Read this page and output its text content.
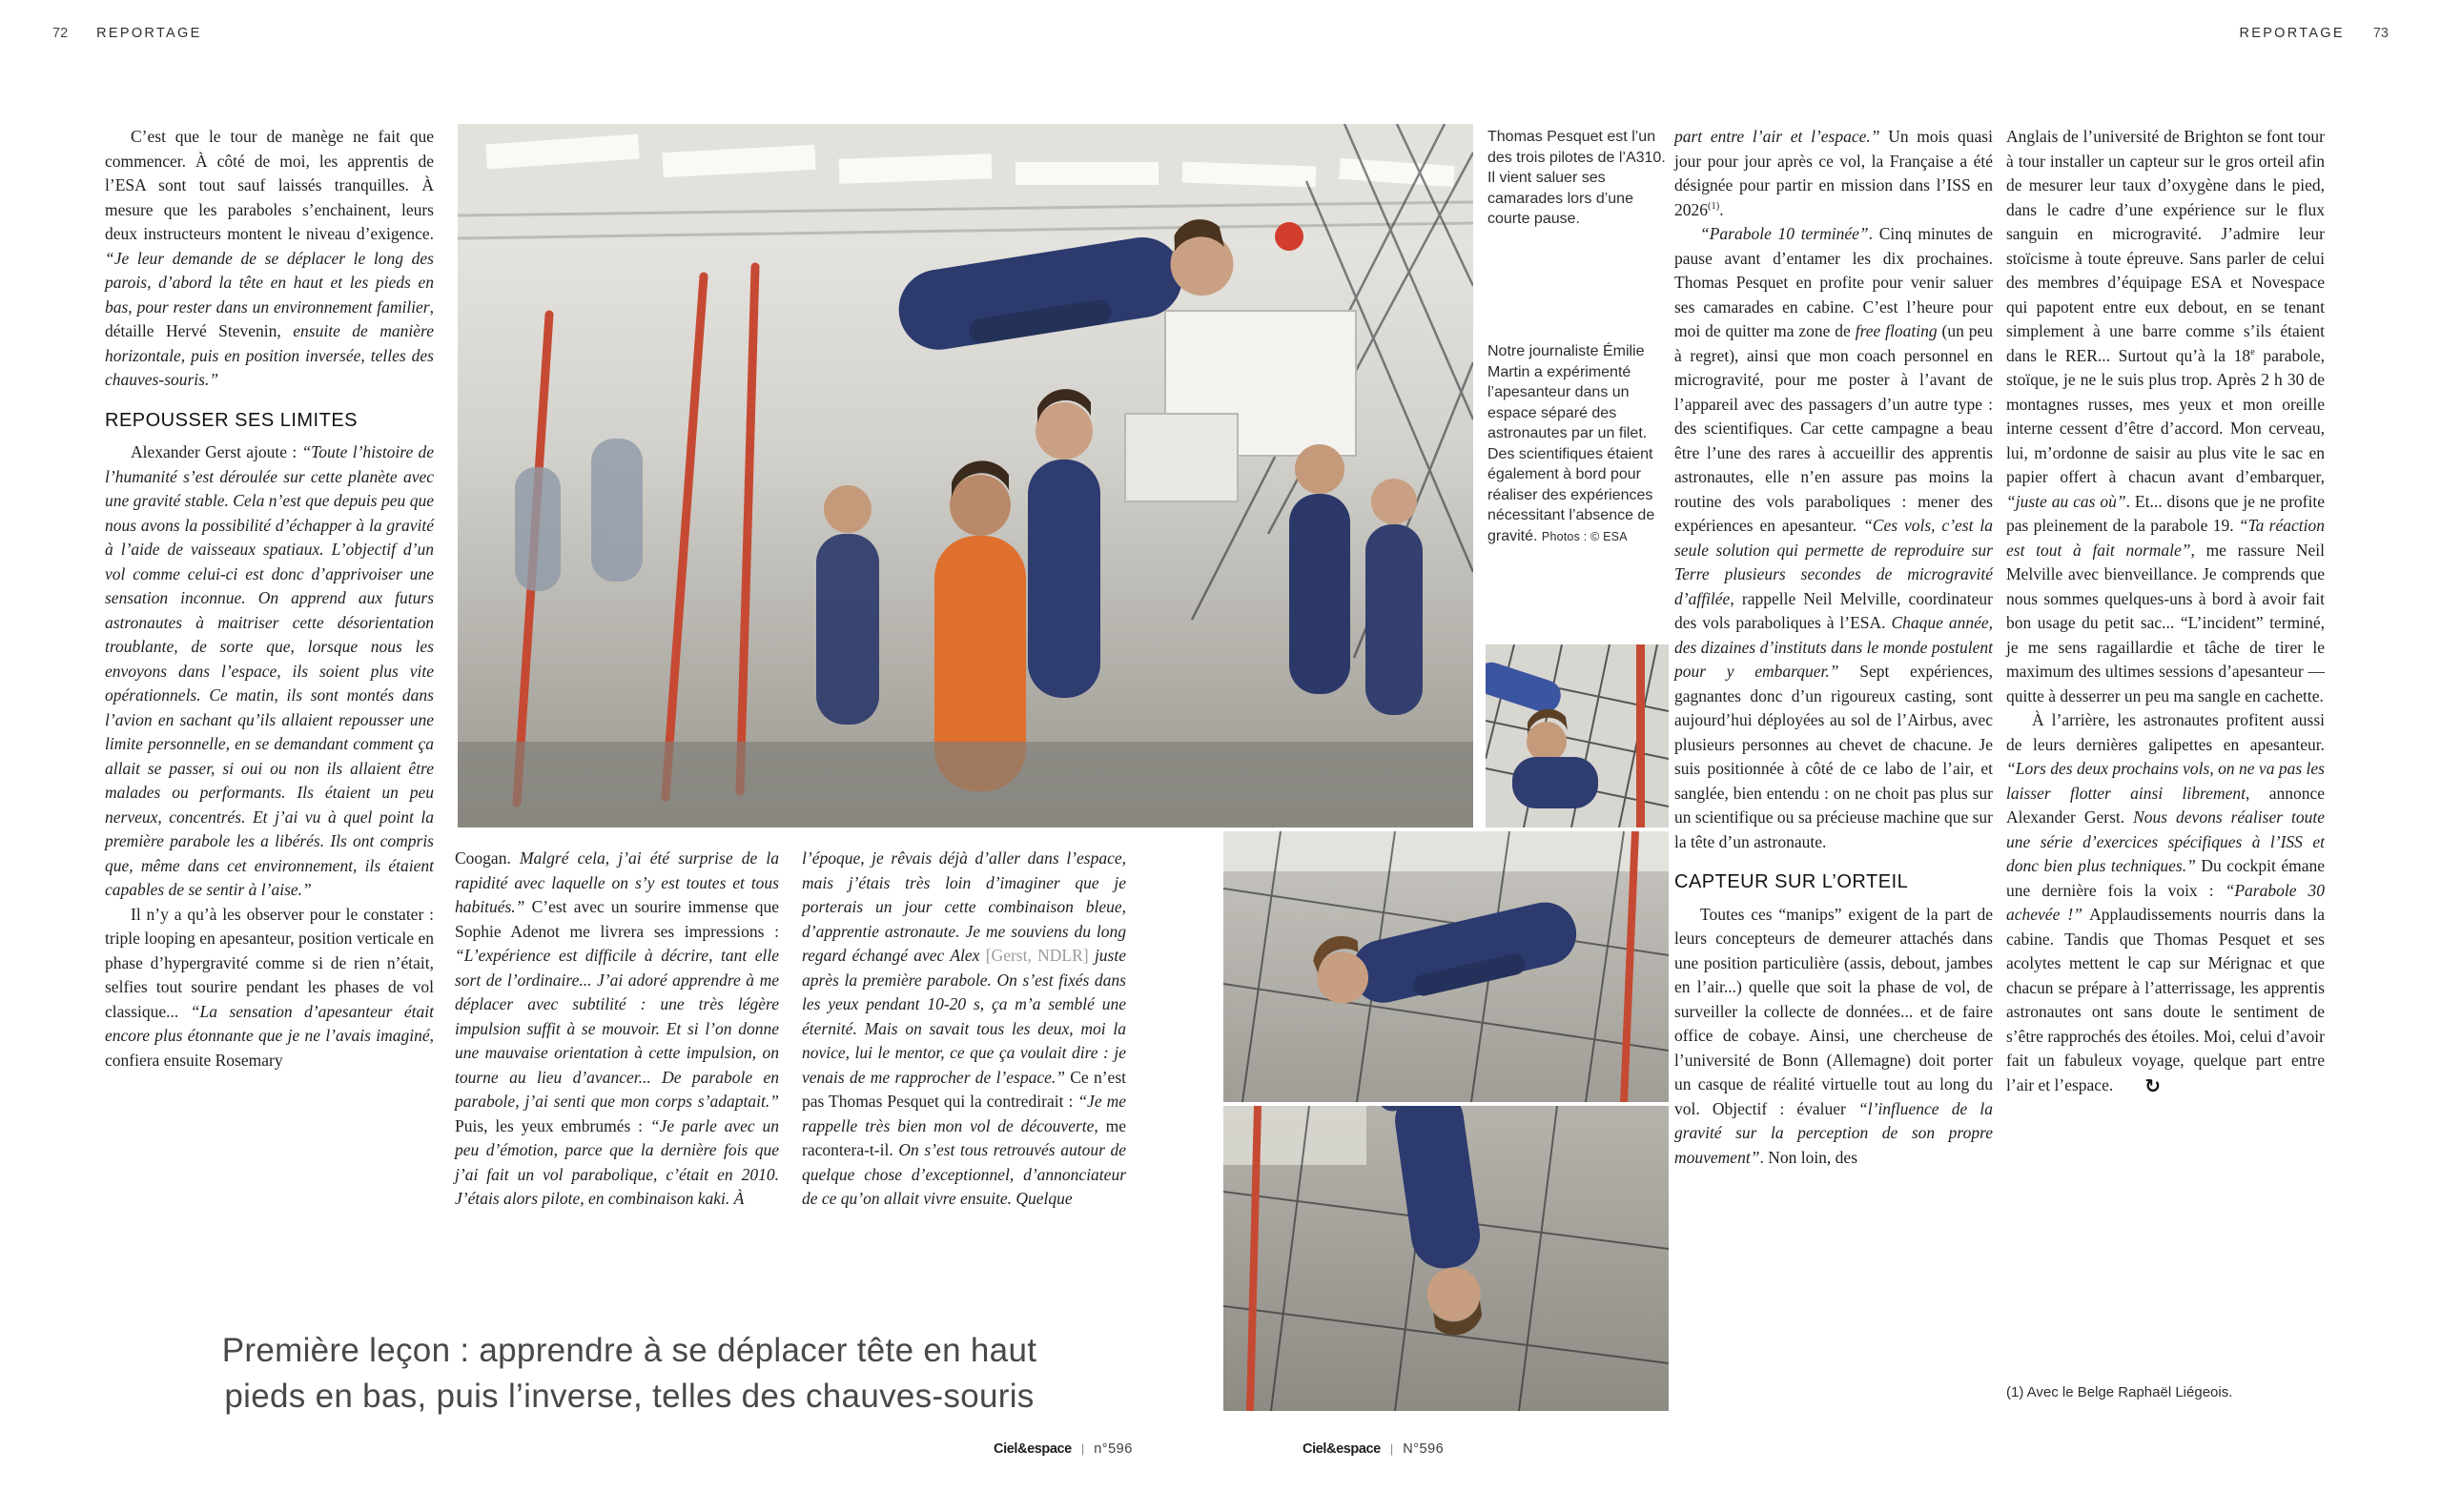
72 REPORTAGE	REPORTAGE 73

C’est que le tour de manège ne fait que commencer. À côté de moi, les apprentis de l’ESA sont tout sauf laissés tranquilles. À mesure que les paraboles s’enchainent, leurs deux instructeurs montent le niveau d’exigence. “Je leur demande de se déplacer le long des parois, d’abord la tête en haut et les pieds en bas, pour rester dans un environnement familier, détaille Hervé Stevenin, ensuite de manière horizontale, puis en position inversée, telles des chauves-souris.”

REPOUSSER SES LIMITES

Alexander Gerst ajoute : “Toute l’histoire de l’humanité s’est déroulée sur cette planète avec une gravité stable. Cela n’est que depuis peu que nous avons la possibilité d’échapper à la gravité à l’aide de vaisseaux spatiaux. L’objectif d’un vol comme celui-ci est donc d’apprivoiser une sensation inconnue. On apprend aux futurs astronautes à maitriser cette désorientation troublante, de sorte que, lorsque nous les envoyons dans l’espace, ils soient plus vite opérationnels. Ce matin, ils sont montés dans l’avion en sachant qu’ils allaient repousser une limite personnelle, en se demandant comment ça allait se passer, si oui ou non ils allaient être malades ou performants. Ils étaient un peu nerveux, concentrés. Et j’ai vu à quel point la première parabole les a libérés. Ils ont compris que, même dans cet environnement, ils étaient capables de se sentir à l’aise.”

Il n’y a qu’à les observer pour le constater : triple looping en apesanteur, position verticale en phase d’hypergravité comme si de rien n’était, selfies tout sourire pendant les phases de vol classique... “La sensation d’apesanteur était encore plus étonnante que je ne l’avais imaginé, confiera ensuite Rosemary

Thomas Pesquet est l’un des trois pilotes de l’A310. Il vient saluer ses camarades lors d’une courte pause.
Notre journaliste Émilie Martin a expérimenté l’apesanteur dans un espace séparé des astronautes par un filet. Des scientifiques étaient également à bord pour réaliser des expériences nécessitant l’absence de gravité. Photos : © ESA

Coogan. Malgré cela, j’ai été surprise de la rapidité avec laquelle on s’y est toutes et tous habitués.” C’est avec un sourire immense que Sophie Adenot me livrera ses impressions : “L’expérience est difficile à décrire, tant elle sort de l’ordinaire... J’ai adoré apprendre à me déplacer avec subtilité : une très légère impulsion suffit à se mouvoir. Et si l’on donne une mauvaise orientation à cette impulsion, on tourne au lieu d’avancer... De parabole en parabole, j’ai senti que mon corps s’adaptait.” Puis, les yeux embrumés : “Je parle avec un peu d’émotion, parce que la dernière fois que j’ai fait un vol parabolique, c’était en 2010. J’étais alors pilote, en combinaison kaki. À

l’époque, je rêvais déjà d’aller dans l’espace, mais j’étais très loin d’imaginer que je porterais un jour cette combinaison bleue, d’apprentie astronaute. Je me souviens du long regard échangé avec Alex [Gerst, NDLR] juste après la première parabole. On s’est fixés dans les yeux pendant 10-20 s, ça m’a semblé une éternité. Mais on savait tous les deux, moi la novice, lui le mentor, ce que ça voulait dire : je venais de me rapprocher de l’espace.” Ce n’est pas Thomas Pesquet qui la contredirait : “Je me rappelle très bien mon vol de découverte, me racontera-t-il. On s’est tous retrouvés autour de quelque chose d’exceptionnel, d’annonciateur de ce qu’on allait vivre ensuite. Quelque

Première leçon : apprendre à se déplacer tête en haut
pieds en bas, puis l’inverse, telles des chauves-souris

part entre l’air et l’espace.” Un mois quasi jour pour jour après ce vol, la Française a été désignée pour partir en mission dans l’ISS en 2026$^{(1)}$.

“Parabole 10 terminée”. Cinq minutes de pause avant d’entamer les dix prochaines. Thomas Pesquet en profite pour venir saluer ses camarades en cabine. C’est l’heure pour moi de quitter ma zone de free floating (un peu à regret), ainsi que mon coach personnel en microgravité, pour me poster à l’avant de l’appareil avec des passagers d’un autre type : des scientifiques. Car cette campagne a beau être l’une des rares à accueillir des apprentis astronautes, elle n’en assure pas moins la routine des vols paraboliques : mener des expériences en apesanteur. “Ces vols, c’est la seule solution qui permette de reproduire sur Terre plusieurs secondes de microgravité d’affilée, rappelle Neil Melville, coordinateur des vols paraboliques à l’ESA. Chaque année, des dizaines d’instituts dans le monde postulent pour y embarquer.” Sept expériences, gagnantes donc d’un rigoureux casting, sont aujourd’hui déployées au sol de l’Airbus, avec plusieurs personnes au chevet de chacune. Je suis positionnée à côté de ce labo de l’air, et sanglée, bien entendu : on ne choit pas plus sur un scientifique ou sa précieuse machine que sur la tête d’un astronaute.

CAPTEUR SUR L’ORTEIL

Toutes ces “manips” exigent de la part de leurs concepteurs de demeurer attachés dans une position particulière (assis, debout, jambes en l’air...) quelle que soit la phase de vol, de surveiller la collecte de données... et de faire office de cobaye. Ainsi, une chercheuse de l’université de Bonn (Allemagne) doit porter un casque de réalité virtuelle tout au long du vol. Objectif : évaluer “l’influence de la gravité sur la perception de son propre mouvement”. Non loin, des

Anglais de l’université de Brighton se font tour à tour installer un capteur sur le gros orteil afin de mesurer leur taux d’oxygène dans le pied, dans le cadre d’une expérience sur le flux sanguin en microgravité. J’admire leur stoïcisme à toute épreuve. Sans parler de celui des membres d’équipage ESA et Novespace qui papotent entre eux debout, en se tenant simplement à une barre comme s’ils étaient dans le RER... Surtout qu’à la 18e parabole, stoïque, je ne le suis plus trop. Après 2 h 30 de montagnes russes, mes yeux et mon oreille interne cessent d’être d’accord. Mon cerveau, lui, m’ordonne de saisir au plus vite le sac en papier offert à chacun avant d’embarquer, “juste au cas où”. Et... disons que je ne profite pas pleinement de la parabole 19. “Ta réaction est tout à fait normale”, me rassure Neil Melville avec bienveillance. Je comprends que nous sommes quelques-uns à bord à avoir fait bon usage du petit sac... “L’incident” terminé, je me sens ragaillardie et tâche de tirer le maximum des ultimes sessions d’apesanteur — quitte à desserrer un peu ma sangle en cachette.

À l’arrière, les astronautes profitent aussi de leurs dernières galipettes en apesanteur. “Lors des deux prochains vols, on ne va pas les laisser flotter ainsi librement, annonce Alexander Gerst. Nous devons réaliser toute une série d’exercices spécifiques à l’ISS et donc bien plus techniques.” Du cockpit émane une dernière fois la voix : “Parabole 30 achevée !” Applaudissements nourris dans la cabine. Tandis que Thomas Pesquet et ses acolytes mettent le cap sur Mérignac et que chacun se prépare à l’atterrissage, les apprentis astronautes ont sans doute le sentiment de s’être rapprochés des étoiles. Moi, celui d’avoir fait un fabuleux voyage, quelque part entre l’air et l’espace. ↻

(1) Avec le Belge Raphaël Liégeois.

Ciel&espace | n°596	Ciel&espace | N°596
